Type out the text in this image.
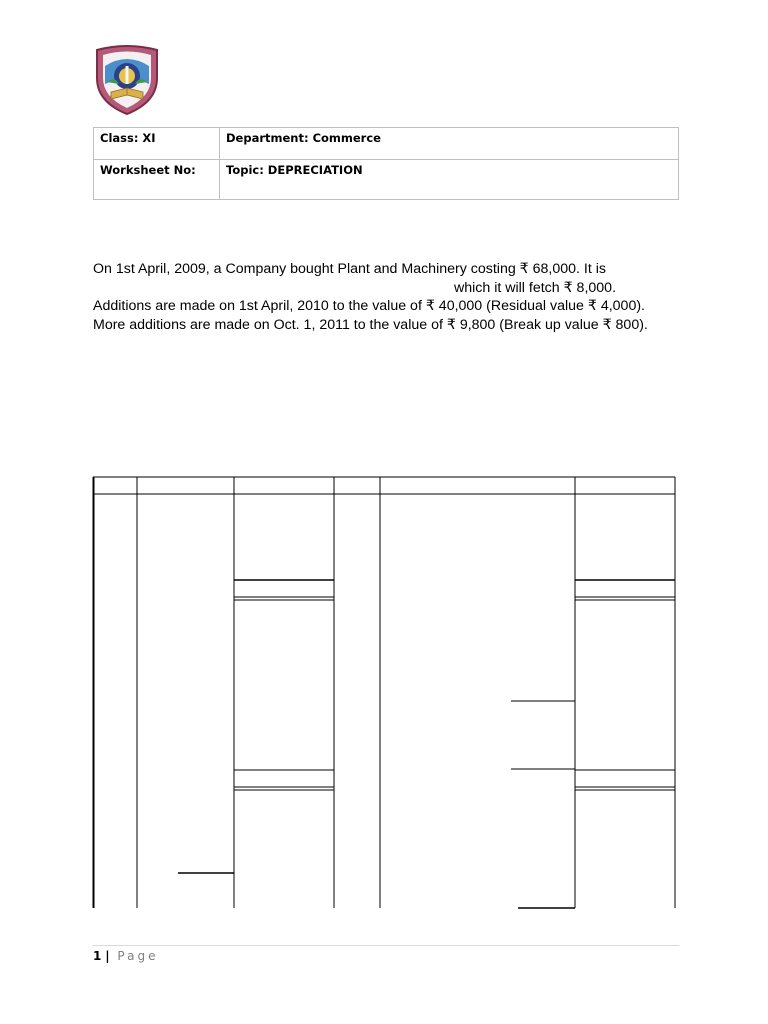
Class: XI	Department: Commerce
Worksheet No:	Topic: DEPRECIATION
On 1st April, 2009, a Company bought Plant and Machinery costing ₹ 68,000. It is
which it will fetch ₹ 8,000.
Additions are made on 1st April, 2010 to the value of ₹ 40,000 (Residual value ₹ 4,000).
More additions are made on Oct. 1, 2011 to the value of ₹ 9,800 (Break up value ₹ 800).
1 | Page
